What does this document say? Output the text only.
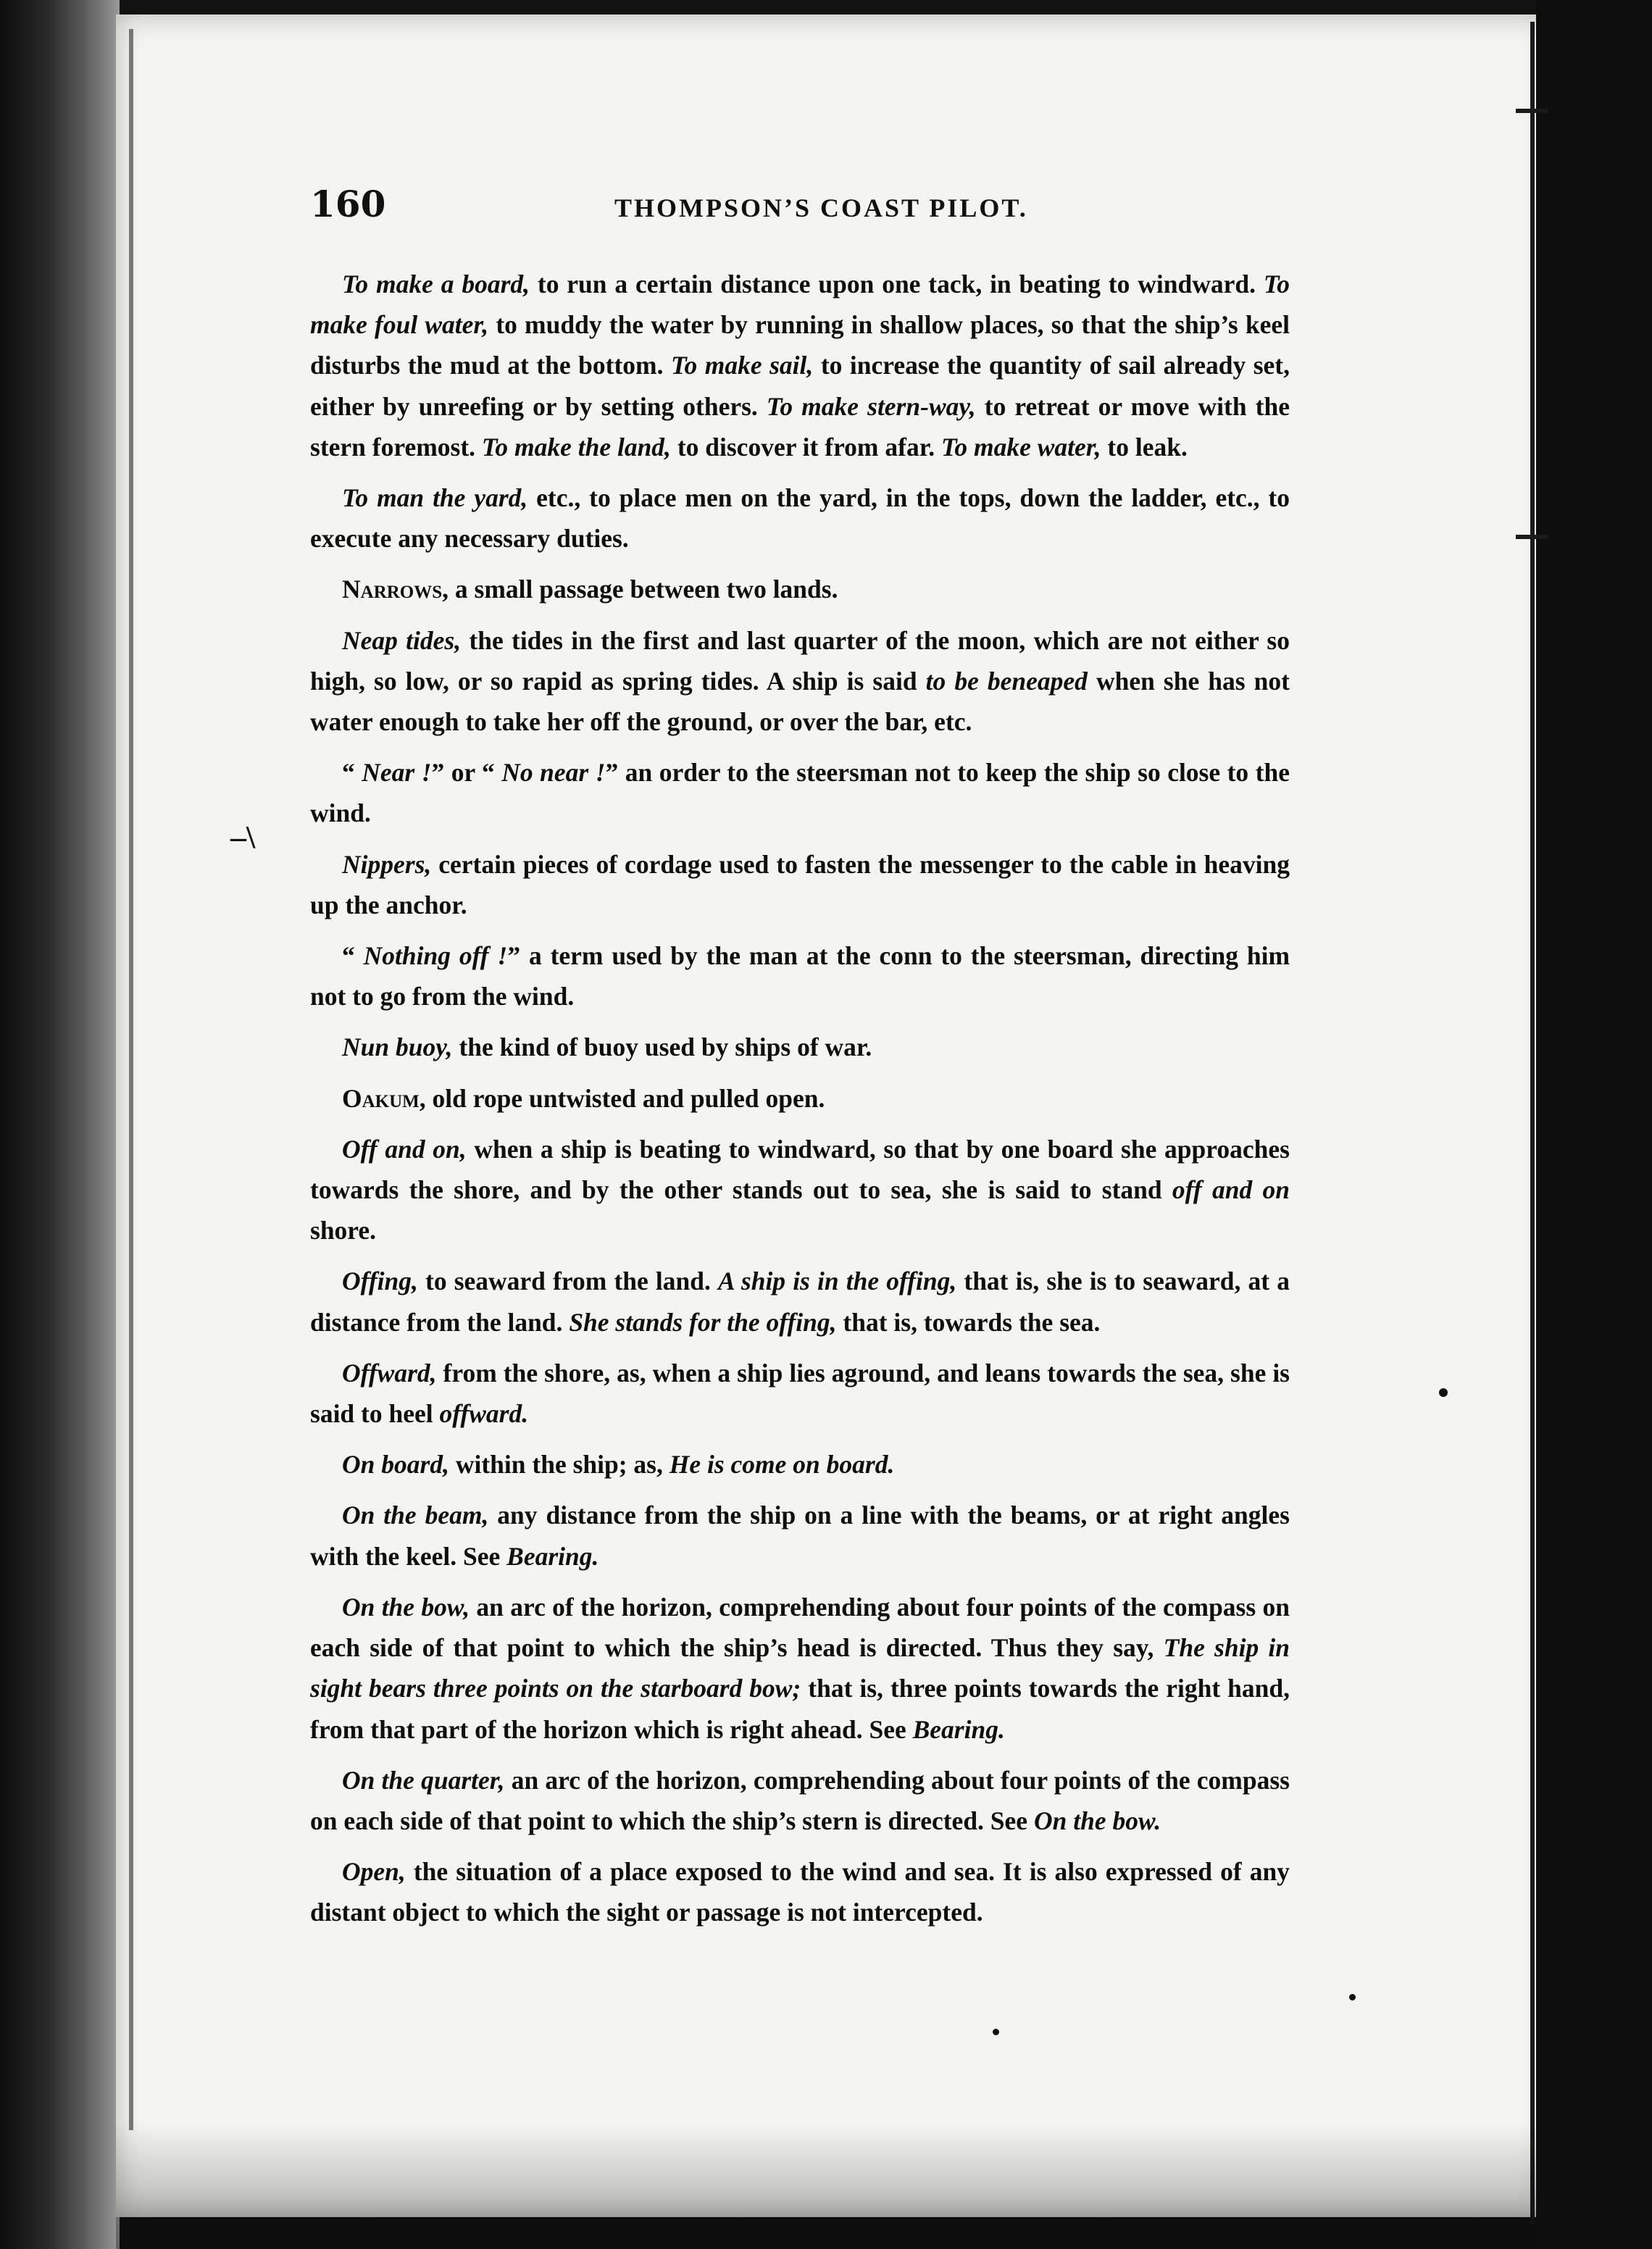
160	THOMPSON’S COAST PILOT.
–\

To make a board, to run a certain distance upon one tack, in beating to windward. To make foul water, to muddy the water by running in shallow places, so that the ship’s keel disturbs the mud at the bottom. To make sail, to increase the quantity of sail already set, either by unreefing or by setting others. To make stern-way, to retreat or move with the stern foremost. To make the land, to discover it from afar. To make water, to leak.

To man the yard, etc., to place men on the yard, in the tops, down the ladder, etc., to execute any necessary duties.

Narrows, a small passage between two lands.

Neap tides, the tides in the first and last quarter of the moon, which are not either so high, so low, or so rapid as spring tides. A ship is said to be beneaped when she has not water enough to take her off the ground, or over the bar, etc.

“ Near !” or “ No near !” an order to the steersman not to keep the ship so close to the wind.

Nippers, certain pieces of cordage used to fasten the messenger to the cable in heaving up the anchor.

“ Nothing off !” a term used by the man at the conn to the steersman, directing him not to go from the wind.

Nun buoy, the kind of buoy used by ships of war.

Oakum, old rope untwisted and pulled open.

Off and on, when a ship is beating to windward, so that by one board she approaches towards the shore, and by the other stands out to sea, she is said to stand off and on shore.

Offing, to seaward from the land. A ship is in the offing, that is, she is to seaward, at a distance from the land. She stands for the offing, that is, towards the sea.

Offward, from the shore, as, when a ship lies aground, and leans towards the sea, she is said to heel offward.

On board, within the ship; as, He is come on board.

On the beam, any distance from the ship on a line with the beams, or at right angles with the keel. See Bearing.

On the bow, an arc of the horizon, comprehending about four points of the compass on each side of that point to which the ship’s head is directed. Thus they say, The ship in sight bears three points on the starboard bow; that is, three points towards the right hand, from that part of the horizon which is right ahead. See Bearing.

On the quarter, an arc of the horizon, comprehending about four points of the compass on each side of that point to which the ship’s stern is directed. See On the bow.

Open, the situation of a place exposed to the wind and sea. It is also expressed of any distant object to which the sight or passage is not intercepted.
